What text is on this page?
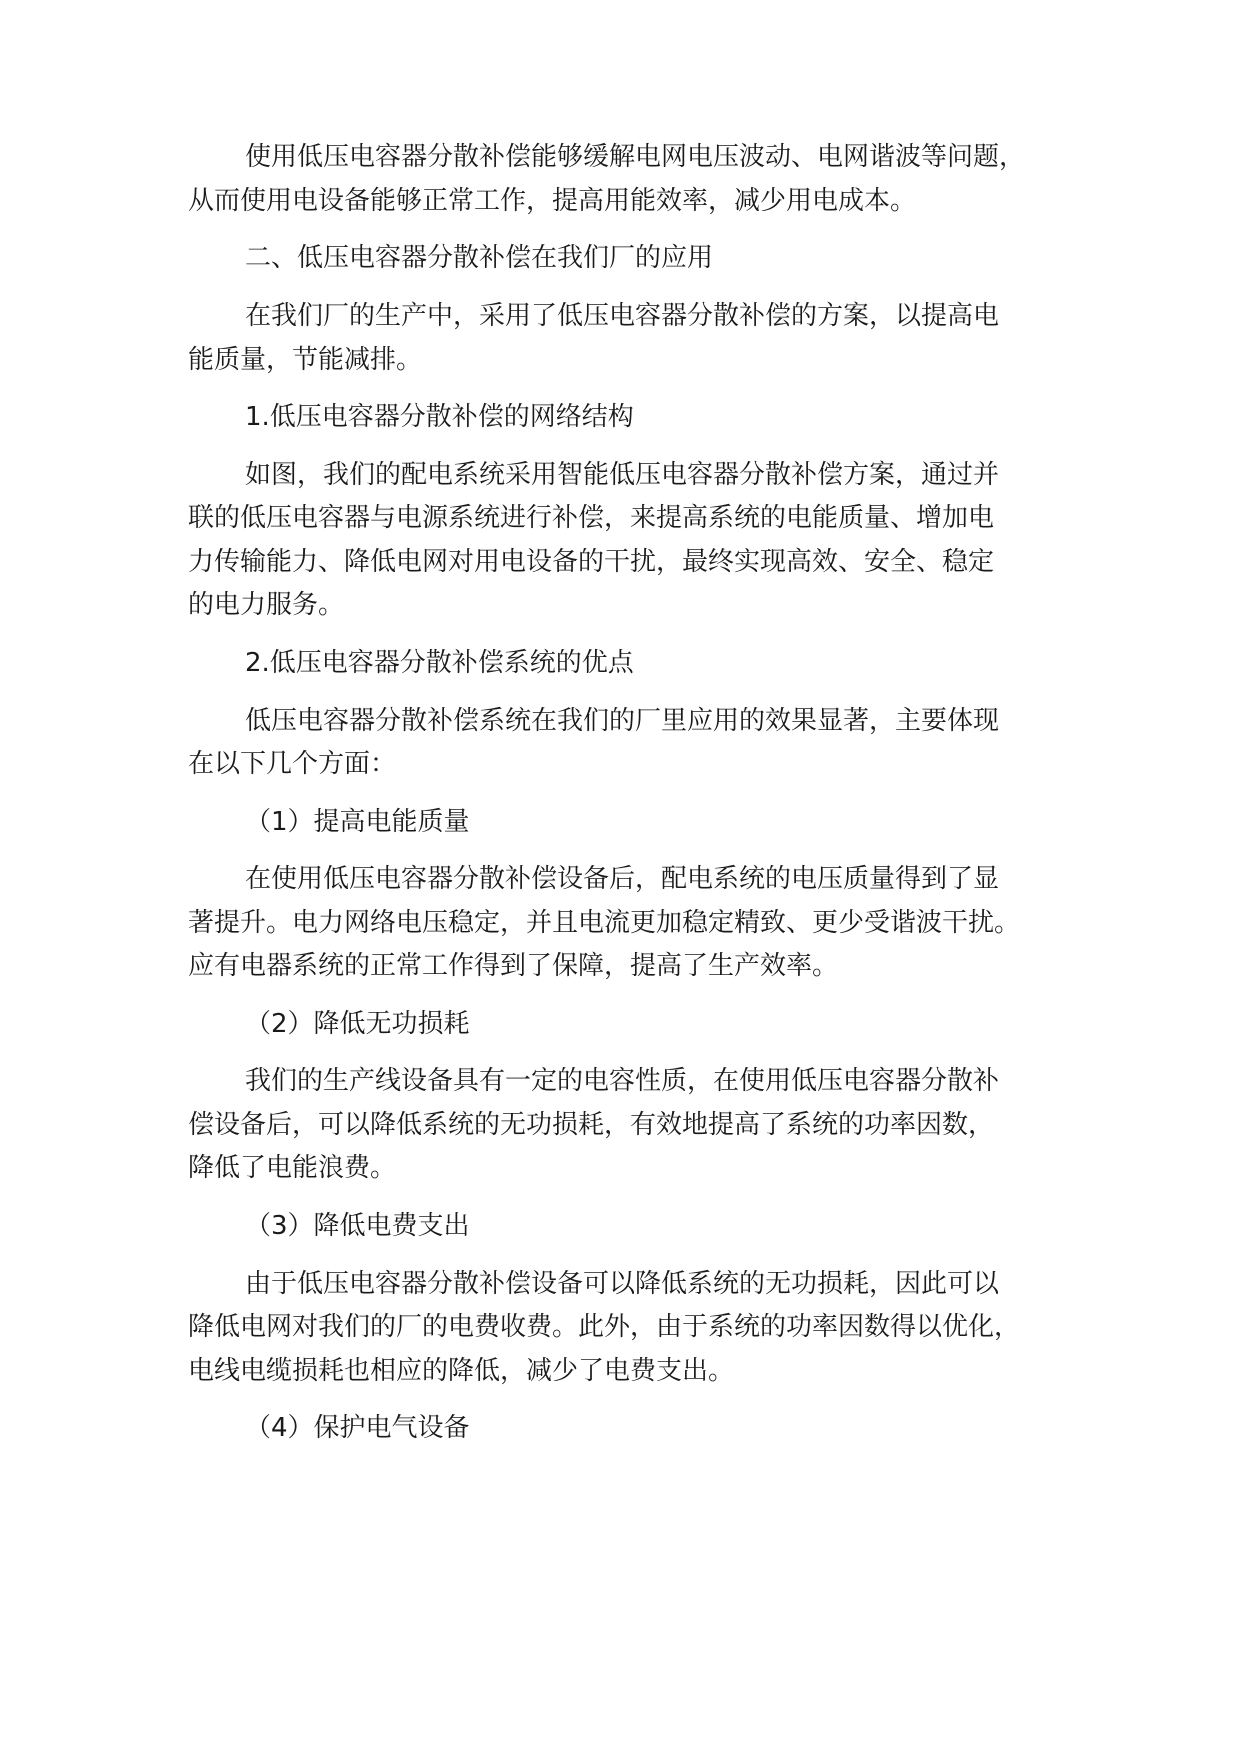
使用低压电容器分散补偿能够缓解电网电压波动、电网谐波等问题，
从而使用电设备能够正常工作，提高用能效率，减少用电成本。
二、低压电容器分散补偿在我们厂的应用
在我们厂的生产中，采用了低压电容器分散补偿的方案，以提高电
能质量，节能减排。
1.低压电容器分散补偿的网络结构
如图，我们的配电系统采用智能低压电容器分散补偿方案，通过并
联的低压电容器与电源系统进行补偿，来提高系统的电能质量、增加电
力传输能力、降低电网对用电设备的干扰，最终实现高效、安全、稳定
的电力服务。
2.低压电容器分散补偿系统的优点
低压电容器分散补偿系统在我们的厂里应用的效果显著，主要体现
在以下几个方面：
（1）提高电能质量
在使用低压电容器分散补偿设备后，配电系统的电压质量得到了显
著提升。电力网络电压稳定，并且电流更加稳定精致、更少受谐波干扰。
应有电器系统的正常工作得到了保障，提高了生产效率。
（2）降低无功损耗
我们的生产线设备具有一定的电容性质，在使用低压电容器分散补
偿设备后，可以降低系统的无功损耗，有效地提高了系统的功率因数，
降低了电能浪费。
（3）降低电费支出
由于低压电容器分散补偿设备可以降低系统的无功损耗，因此可以
降低电网对我们的厂的电费收费。此外，由于系统的功率因数得以优化，
电线电缆损耗也相应的降低，减少了电费支出。
（4）保护电气设备
